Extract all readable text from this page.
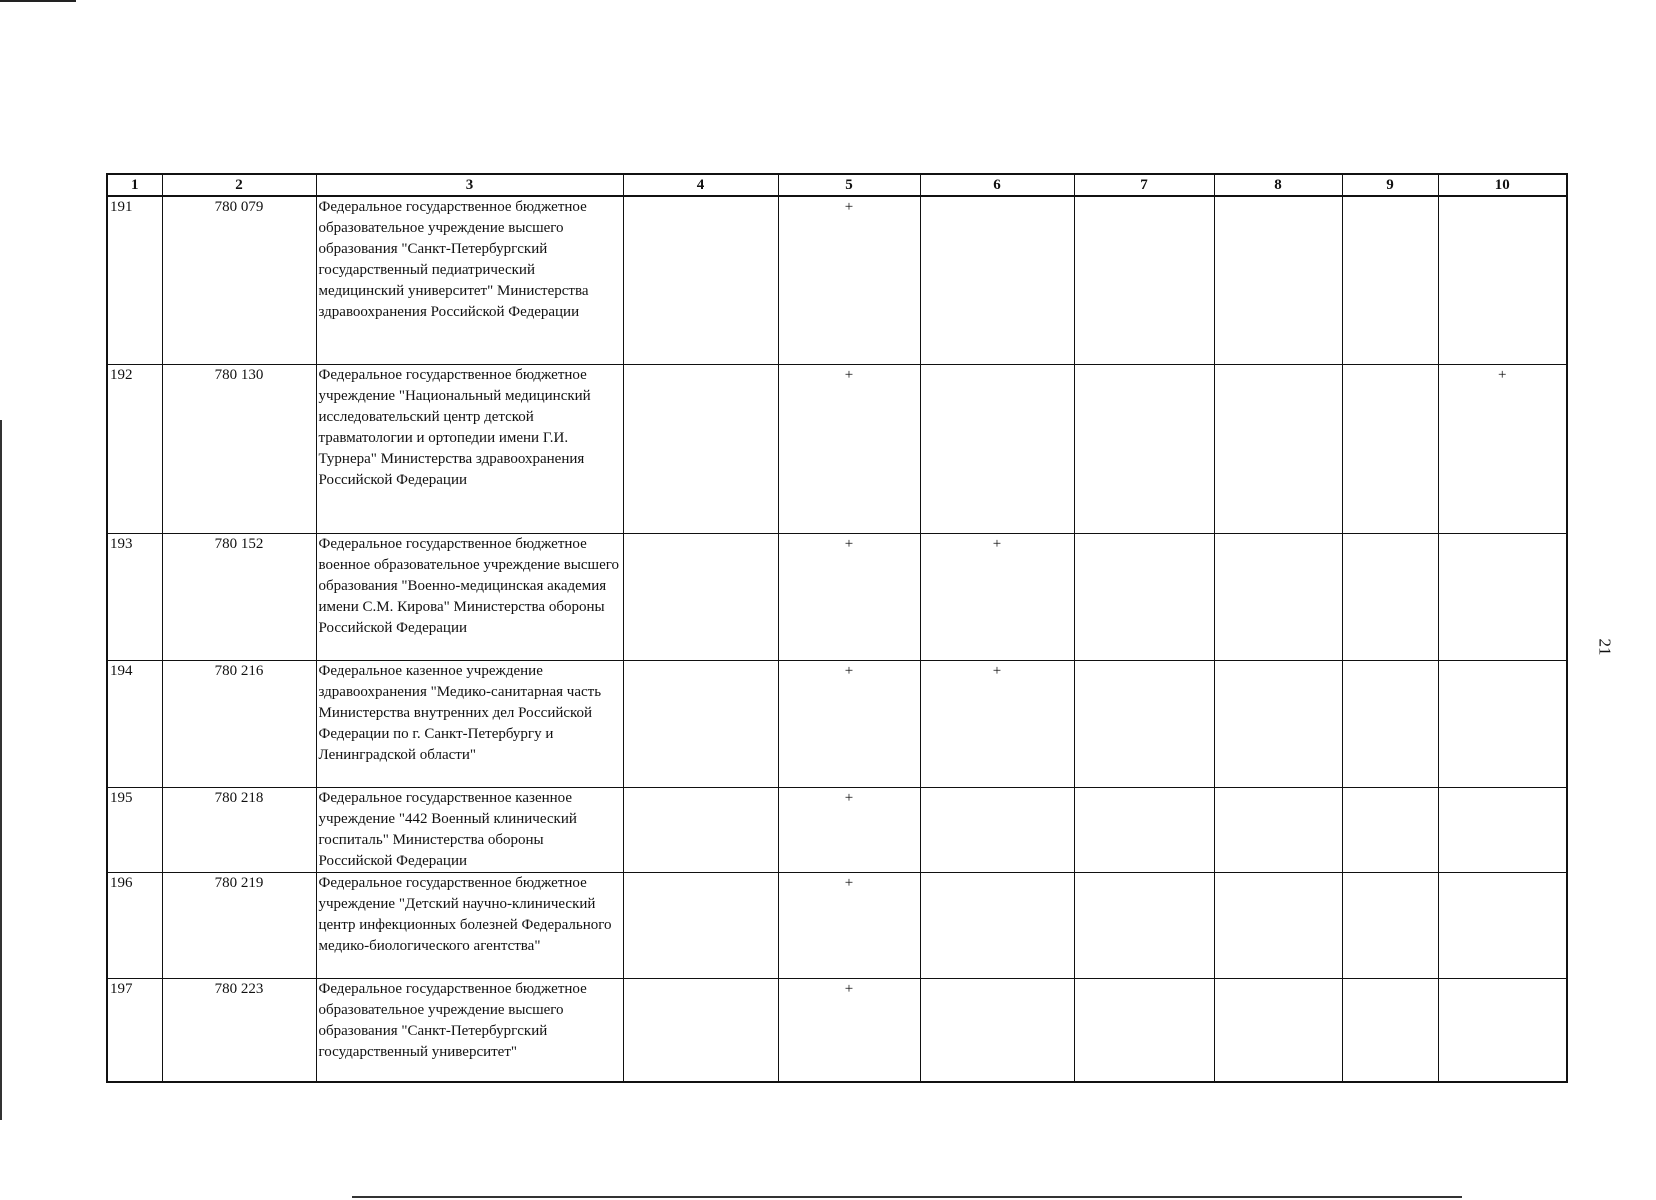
1	2	3	4	5	6	7	8	9	10
191	780 079	Федеральное государственное бюджетное образовательное учреждение высшего образования "Санкт-Петербургский государственный педиатрический медицинский университет" Министерства здравоохранения Российской Федерации		+					
192	780 130	Федеральное государственное бюджетное учреждение "Национальный медицинский исследовательский центр детской травматологии и ортопедии имени Г.И. Турнера" Министерства здравоохранения Российской Федерации		+					+
193	780 152	Федеральное государственное бюджетное военное образовательное учреждение высшего образования "Военно-медицинская академия имени С.М. Кирова" Министерства обороны Российской Федерации		+	+				
194	780 216	Федеральное казенное учреждение здравоохранения "Медико-санитарная часть Министерства внутренних дел Российской Федерации по г. Санкт-Петербургу и Ленинградской области"		+	+				
195	780 218	Федеральное государственное казенное учреждение "442 Военный клинический госпиталь" Министерства обороны Российской Федерации		+					
196	780 219	Федеральное государственное бюджетное учреждение "Детский научно-клинический центр инфекционных болезней Федерального медико-биологического агентства"		+					
197	780 223	Федеральное государственное бюджетное образовательное учреждение высшего образования "Санкт-Петербургский государственный университет"		+					
21
